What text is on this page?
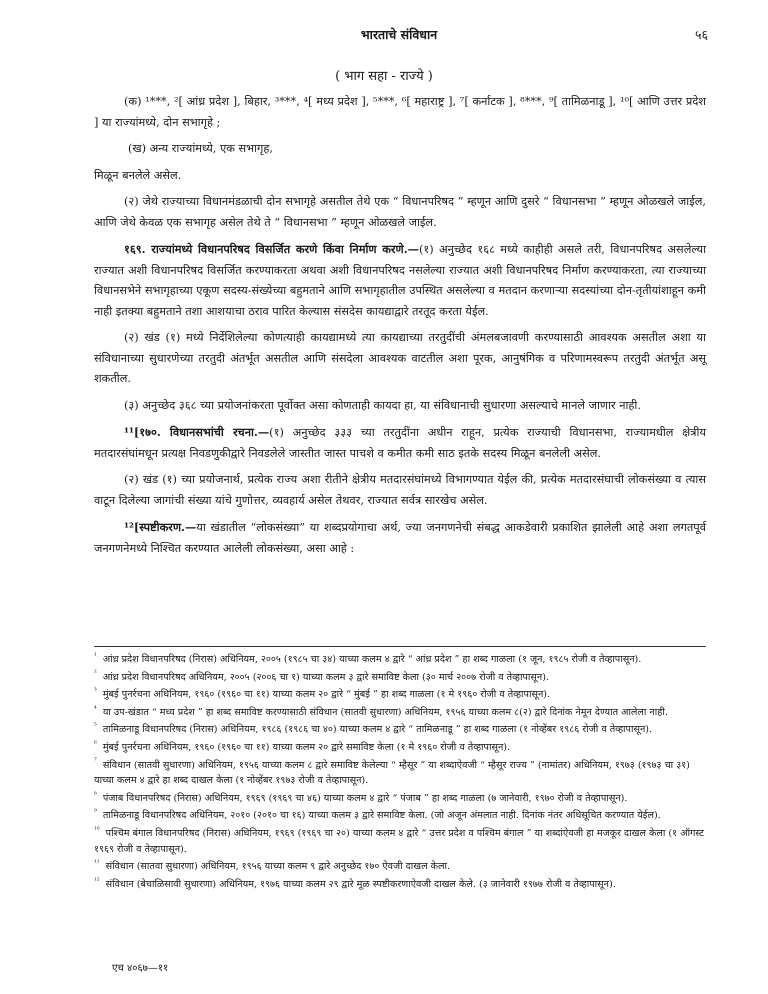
भारताचे संविधान	५६
( भाग सहा - राज्ये )

(क) ¹***, ²[ आंध्र प्रदेश ], बिहार, ³***, ⁴[ मध्य प्रदेश ], ⁵***, ⁶[ महाराष्ट्र ], ⁷[ कर्नाटक ], ⁸***, ⁹[ तामिळनाडू ], ¹⁰[ आणि उत्तर प्रदेश ] या राज्यांमध्ये, दोन सभागृहे ;

(ख) अन्य राज्यांमध्ये, एक सभागृह,

मिळून बनलेले असेल.

(२) जेथे राज्याच्या विधानमंडळाची दोन सभागृहे असतील तेथे एक “ विधानपरिषद ” म्हणून आणि दुसरे “ विधानसभा ” म्हणून ओळखले जाईल, आणि जेथे केवळ एक सभागृह असेल तेथे ते “ विधानसभा ” म्हणून ओळखले जाईल.

१६९. राज्यांमध्ये विधानपरिषद विसर्जित करणे किंवा निर्माण करणे.—(१) अनुच्छेद १६८ मध्ये काहीही असले तरी, विधानपरिषद असलेल्या राज्यात अशी विधानपरिषद विसर्जित करण्याकरता अथवा अशी विधानपरिषद नसलेल्या राज्यात अशी विधानपरिषद निर्माण करण्याकरता, त्या राज्याच्या विधानसभेने सभागृहाच्या एकूण सदस्य-संख्येच्या बहुमताने आणि सभागृहातील उपस्थित असलेल्या व मतदान करणाऱ्या सदस्यांच्या दोन-तृतीयांशाहून कमी नाही इतक्या बहुमताने तशा आशयाचा ठराव पारित केल्यास संसदेस कायद्याद्वारे तरतूद करता येईल.

(२) खंड (१) मध्ये निर्देशिलेल्या कोणत्याही कायद्यामध्ये त्या कायद्याच्या तरतुदींची अंमलबजावणी करण्यासाठी आवश्यक असतील अशा या संविधानाच्या सुधारणेच्या तरतुदी अंतर्भूत असतील आणि संसदेला आवश्यक वाटतील अशा पूरक, आनुषंगिक व परिणामस्वरूप तरतुदी अंतर्भूत असू शकतील.

(३) अनुच्छेद ३६८ च्या प्रयोजनांकरता पूर्वोक्त असा कोणताही कायदा हा, या संविधानाची सुधारणा असल्याचे मानले जाणार नाही.

¹¹[१७०. विधानसभांची रचना.—(१) अनुच्छेद ३३३ च्या तरतुदींना अधीन राहून, प्रत्येक राज्याची विधानसभा, राज्यामधील क्षेत्रीय मतदारसंघांमधून प्रत्यक्ष निवडणुकीद्वारे निवडलेले जास्तीत जास्त पाचशे व कमीत कमी साठ इतके सदस्य मिळून बनलेली असेल.

(२) खंड (१) च्या प्रयोजनार्थ, प्रत्येक राज्य अशा रीतीने क्षेत्रीय मतदारसंघांमध्ये विभागण्यात येईल की, प्रत्येक मतदारसंघाची लोकसंख्या व त्यास वाटून दिलेल्या जागांची संख्या यांचे गुणोत्तर, व्यवहार्य असेल तेथवर, राज्यात सर्वत्र सारखेच असेल.

¹²[स्पष्टीकरण.—या खंडातील “लोकसंख्या” या शब्दप्रयोगाचा अर्थ, ज्या जनगणनेची संबद्ध आकडेवारी प्रकाशित झालेली आहे अशा लगतपूर्व जनगणनेमध्ये निश्चित करण्यात आलेली लोकसंख्या, असा आहे :

$^{^1}$ आंध्र प्रदेश विधानपरिषद (निरास) अधिनियम, २००५ (१९८५ चा ३४) याच्या कलम ४ द्वारे “ आंध्र प्रदेश ” हा शब्द गाळला (१ जून, १९८५ रोजी व तेव्हापासून).

$^{^2}$ आंध्र प्रदेश विधानपरिषद अधिनियम, २००५ (२००६ चा १) याच्या कलम ३ द्वारे समाविष्ट केला (३० मार्च २००७ रोजी व तेव्हापासून).

$^{^3}$ मुंबई पुनर्रचना अधिनियम, १९६० (१९६० चा ११) याच्या कलम २० द्वारे “ मुंबई ” हा शब्द गाळला (१ मे १९६० रोजी व तेव्हापासून).

$^{^4}$ या उप-खंडात “ मध्य प्रदेश ” हा शब्द समाविष्ट करण्यासाठी संविधान (सातवी सुधारणा) अधिनियम, १९५६ याच्या कलम ८(२) द्वारे दिनांक नेमून देण्यात आलेला नाही.

$^{^5}$ तामिळनाडू विधानपरिषद (निरास) अधिनियम, १९८६ (१९८६ चा ४०) याच्या कलम ४ द्वारे “ तामिळनाडू ” हा शब्द गाळला (१ नोव्हेंबर १९८६ रोजी व तेव्हापासून).

$^{^6}$ मुंबई पुनर्रचना अधिनियम, १९६० (१९६० चा ११) याच्या कलम २० द्वारे समाविष्ट केला (१ मे १९६० रोजी व तेव्हापासून).

$^{^7}$ संविधान (सातवी सुधारणा) अधिनियम, १९५६ याच्या कलम ८ द्वारे समाविष्ट केलेल्या “ म्हैसूर ” या शब्दाऐवजी “ म्हैसूर राज्य ” (नामांतर) अधिनियम, १९७३ (१९७३ चा ३१) याच्या कलम ४ द्वारे हा शब्द दाखल केला (१ नोव्हेंबर १९७३ रोजी व तेव्हापासून).

$^{^8}$ पंजाब विधानपरिषद (निरास) अधिनियम, १९६९ (१९६९ चा ४६) याच्या कलम ४ द्वारे “ पंजाब ” हा शब्द गाळला (७ जानेवारी, १९७० रोजी व तेव्हापासून).

$^{^9}$ तामिळनाडू विधानपरिषद अधिनियम, २०१० (२०१० चा १६) याच्या कलम ३ द्वारे समाविष्ट केला. (जो अजून अंमलात नाही. दिनांक नंतर अधिसूचित करण्यात येईल).

$^{^{10}}$ पश्चिम बंगाल विधानपरिषद (निरास) अधिनियम, १९६९ (१९६९ चा २०) याच्या कलम ४ द्वारे “ उत्तर प्रदेश व पश्चिम बंगाल ” या शब्दांऐवजी हा मजकूर दाखल केला (१ ऑगस्ट १९६९ रोजी व तेव्हापासून).

$^{^{11}}$ संविधान (सातवा सुधारणा) अधिनियम, १९५६ याच्या कलम ९ द्वारे अनुच्छेद १७० ऐवजी दाखल केला.

$^{^{12}}$ संविधान (बेचाळिसावी सुधारणा) अधिनियम, १९७६ याच्या कलम २९ द्वारे मूळ स्पष्टीकरणाऐवजी दाखल केले. (३ जानेवारी १९७७ रोजी व तेव्हापासून).

एच ४०६७—११
